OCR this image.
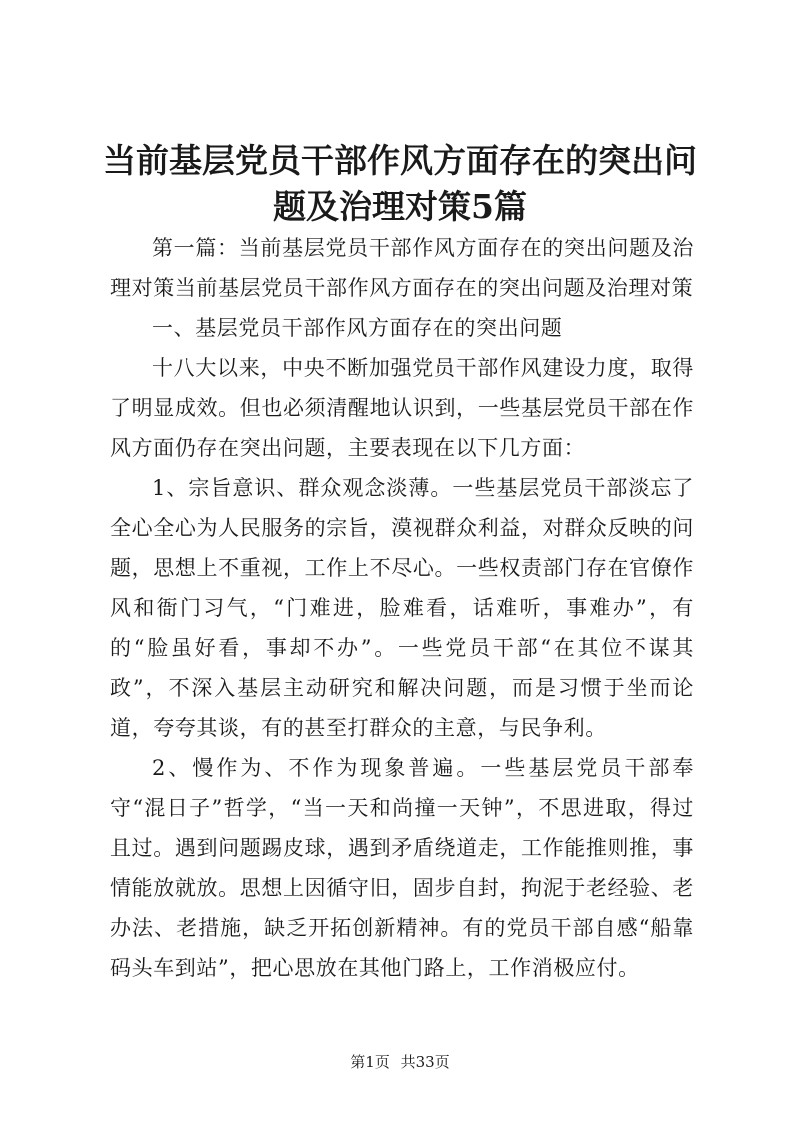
当前基层党员干部作风方面存在的突出问题及治理对策5篇

第一篇：当前基层党员干部作风方面存在的突出问题及治理对策当前基层党员干部作风方面存在的突出问题及治理对策

一、基层党员干部作风方面存在的突出问题

十八大以来，中央不断加强党员干部作风建设力度，取得了明显成效。但也必须清醒地认识到，一些基层党员干部在作风方面仍存在突出问题，主要表现在以下几方面：

1、宗旨意识、群众观念淡薄。一些基层党员干部淡忘了全心全心为人民服务的宗旨，漠视群众利益，对群众反映的问题，思想上不重视，工作上不尽心。一些权责部门存在官僚作风和衙门习气，“门难进，脸难看，话难听，事难办”，有的“脸虽好看，事却不办”。一些党员干部“在其位不谋其政”，不深入基层主动研究和解决问题，而是习惯于坐而论道，夸夸其谈，有的甚至打群众的主意，与民争利。

2、慢作为、不作为现象普遍。一些基层党员干部奉守“混日子”哲学，“当一天和尚撞一天钟”，不思进取，得过且过。遇到问题踢皮球，遇到矛盾绕道走，工作能推则推，事情能放就放。思想上因循守旧，固步自封，拘泥于老经验、老办法、老措施，缺乏开拓创新精神。有的党员干部自感“船靠码头车到站”，把心思放在其他门路上，工作消极应付。

第1页 共33页
